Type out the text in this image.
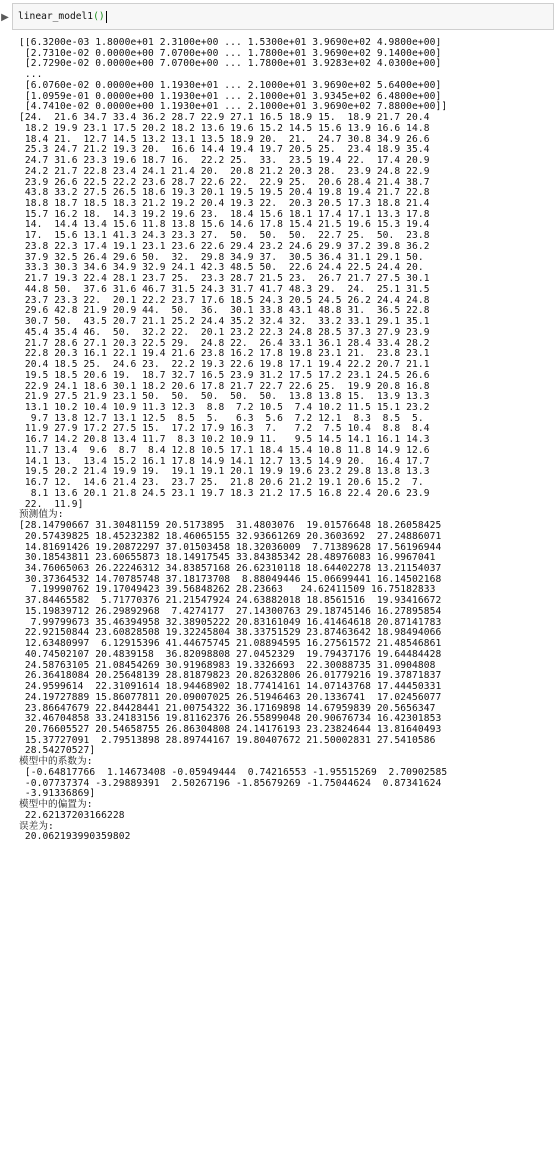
▶ linear_model1()
[[6.3200e-03 1.8000e+01 2.3100e+00 ... 1.5300e+01 3.9690e+02 4.9800e+00]
[2.7310e-02 0.0000e+00 7.0700e+00 ... 1.7800e+01 3.9690e+02 9.1400e+00]
[2.7290e-02 0.0000e+00 7.0700e+00 ... 1.7800e+01 3.9283e+02 4.0300e+00]
...
[6.0760e-02 0.0000e+00 1.1930e+01 ... 2.1000e+01 3.9690e+02 5.6400e+00]
[1.0959e-01 0.0000e+00 1.1930e+01 ... 2.1000e+01 3.9345e+02 6.4800e+00]
[4.7410e-02 0.0000e+00 1.1930e+01 ... 2.1000e+01 3.9690e+02 7.8800e+00]]
[24.  21.6 34.7 33.4 36.2 28.7 22.9 27.1 16.5 18.9 15.  18.9 21.7 20.4
18.2 19.9 23.1 17.5 20.2 18.2 13.6 19.6 15.2 14.5 15.6 13.9 16.6 14.8
18.4 21.  12.7 14.5 13.2 13.1 13.5 18.9 20.  21.  24.7 30.8 34.9 26.6
25.3 24.7 21.2 19.3 20.  16.6 14.4 19.4 19.7 20.5 25.  23.4 18.9 35.4
24.7 31.6 23.3 19.6 18.7 16.  22.2 25.  33.  23.5 19.4 22.  17.4 20.9
24.2 21.7 22.8 23.4 24.1 21.4 20.  20.8 21.2 20.3 28.  23.9 24.8 22.9
23.9 26.6 22.5 22.2 23.6 28.7 22.6 22.  22.9 25.  20.6 28.4 21.4 38.7
43.8 33.2 27.5 26.5 18.6 19.3 20.1 19.5 19.5 20.4 19.8 19.4 21.7 22.8
18.8 18.7 18.5 18.3 21.2 19.2 20.4 19.3 22.  20.3 20.5 17.3 18.8 21.4
15.7 16.2 18.  14.3 19.2 19.6 23.  18.4 15.6 18.1 17.4 17.1 13.3 17.8
14.  14.4 13.4 15.6 11.8 13.8 15.6 14.6 17.8 15.4 21.5 19.6 15.3 19.4
17.  15.6 13.1 41.3 24.3 23.3 27.  50.  50.  50.  22.7 25.  50.  23.8
23.8 22.3 17.4 19.1 23.1 23.6 22.6 29.4 23.2 24.6 29.9 37.2 39.8 36.2
37.9 32.5 26.4 29.6 50.  32.  29.8 34.9 37.  30.5 36.4 31.1 29.1 50.
33.3 30.3 34.6 34.9 32.9 24.1 42.3 48.5 50.  22.6 24.4 22.5 24.4 20.
21.7 19.3 22.4 28.1 23.7 25.  23.3 28.7 21.5 23.  26.7 21.7 27.5 30.1
44.8 50.  37.6 31.6 46.7 31.5 24.3 31.7 41.7 48.3 29.  24.  25.1 31.5
23.7 23.3 22.  20.1 22.2 23.7 17.6 18.5 24.3 20.5 24.5 26.2 24.4 24.8
29.6 42.8 21.9 20.9 44.  50.  36.  30.1 33.8 43.1 48.8 31.  36.5 22.8
30.7 50.  43.5 20.7 21.1 25.2 24.4 35.2 32.4 32.  33.2 33.1 29.1 35.1
45.4 35.4 46.  50.  32.2 22.  20.1 23.2 22.3 24.8 28.5 37.3 27.9 23.9
21.7 28.6 27.1 20.3 22.5 29.  24.8 22.  26.4 33.1 36.1 28.4 33.4 28.2
22.8 20.3 16.1 22.1 19.4 21.6 23.8 16.2 17.8 19.8 23.1 21.  23.8 23.1
20.4 18.5 25.  24.6 23.  22.2 19.3 22.6 19.8 17.1 19.4 22.2 20.7 21.1
19.5 18.5 20.6 19.  18.7 32.7 16.5 23.9 31.2 17.5 17.2 23.1 24.5 26.6
22.9 24.1 18.6 30.1 18.2 20.6 17.8 21.7 22.7 22.6 25.  19.9 20.8 16.8
21.9 27.5 21.9 23.1 50.  50.  50.  50.  50.  13.8 13.8 15.  13.9 13.3
13.1 10.2 10.4 10.9 11.3 12.3  8.8  7.2 10.5  7.4 10.2 11.5 15.1 23.2
9.7 13.8 12.7 13.1 12.5  8.5  5.   6.3  5.6  7.2 12.1  8.3  8.5  5.
11.9 27.9 17.2 27.5 15.  17.2 17.9 16.3  7.   7.2  7.5 10.4  8.8  8.4
16.7 14.2 20.8 13.4 11.7  8.3 10.2 10.9 11.   9.5 14.5 14.1 16.1 14.3
11.7 13.4  9.6  8.7  8.4 12.8 10.5 17.1 18.4 15.4 10.8 11.8 14.9 12.6
14.1 13.  13.4 15.2 16.1 17.8 14.9 14.1 12.7 13.5 14.9 20.  16.4 17.7
19.5 20.2 21.4 19.9 19.  19.1 19.1 20.1 19.9 19.6 23.2 29.8 13.8 13.3
16.7 12.  14.6 21.4 23.  23.7 25.  21.8 20.6 21.2 19.1 20.6 15.2  7.
8.1 13.6 20.1 21.8 24.5 23.1 19.7 18.3 21.2 17.5 16.8 22.4 20.6 23.9
22.  11.9]
预测值为:
[28.14790667 31.30481159 20.5173895  31.4803076  19.01576648 18.26058425
20.57439825 18.45232382 18.46065155 32.93661269 20.3603692  27.24886071
14.81691426 19.20872297 37.01503458 18.32036009  7.71389628 17.56196944
30.18543811 23.60655873 18.14917545 33.84385342 28.48976083 16.9967041
34.76065063 26.22246312 34.83857168 26.62310118 18.64402278 13.21154037
30.37364532 14.70785748 37.18173708  8.88049446 15.06699441 16.14502168
7.19990762 19.17049423 39.56848262 28.23663   24.62411509 16.75182833
37.84465582  5.71770376 21.21547924 24.63882018 18.8561516  19.93416672
15.19839712 26.29892968  7.4274177  27.14300763 29.18745146 16.27895854
7.99799673 35.46394958 32.38905222 20.83161049 16.41464618 20.87141783
22.92150844 23.60828508 19.32245804 38.33751529 23.87463642 18.98494066
12.63480997  6.12915396 41.44675745 21.08894595 16.27561572 21.48546861
40.74502107 20.4839158  36.82098808 27.0452329  19.79437176 19.64484428
24.58763105 21.08454269 30.91968983 19.3326693  22.30088735 31.0904808
26.36418084 20.25648139 28.81879823 20.82632806 26.01779216 19.37871837
24.9599614  22.31091614 18.94468902 18.77414161 14.07143768 17.44450331
24.19727889 15.86077811 20.09007025 26.51946463 20.1336741  17.02456077
23.86647679 22.84428441 21.00754322 36.17169898 14.67959839 20.5656347
32.46704858 33.24183156 19.81162376 26.55899048 20.90676734 16.42301853
20.76605527 20.54658755 26.86304808 24.14176193 23.23824644 13.81640493
15.37727091  2.79513898 28.89744167 19.80407672 21.50002831 27.5410586
28.54270527]
模型中的系数为:
[-0.64817766  1.14673408 -0.05949444  0.74216553 -1.95515269  2.70902585
-0.07737374 -3.29889391  2.50267196 -1.85679269 -1.75044624  0.87341624
-3.91336869]
模型中的偏置为:
22.62137203166228
误差为:
20.062193990359802
